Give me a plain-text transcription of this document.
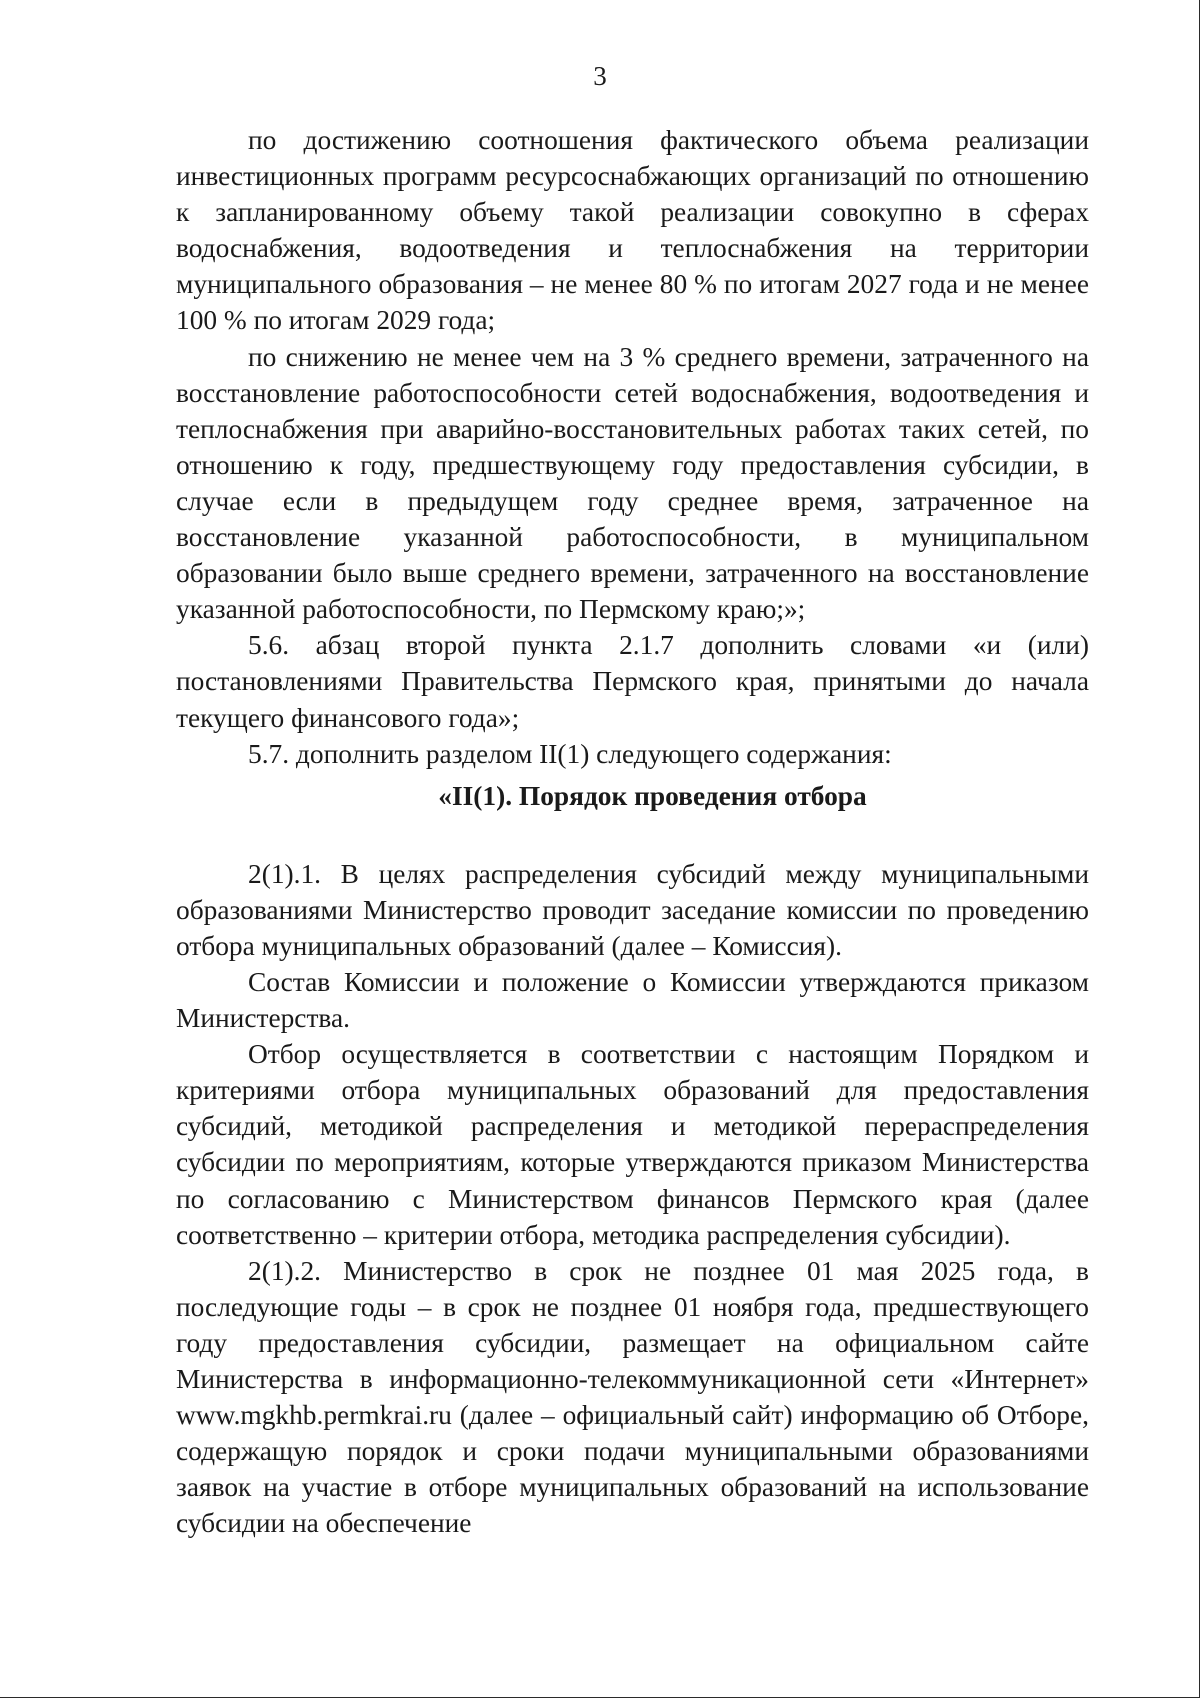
3

по достижению соотношения фактического объема реализации инвестиционных программ ресурсоснабжающих организаций по отношению к запланированному объему такой реализации совокупно в сферах водоснабжения, водоотведения и теплоснабжения на территории муниципального образования – не менее 80 % по итогам 2027 года и не менее 100 % по итогам 2029 года;

по снижению не менее чем на 3 % среднего времени, затраченного на восстановление работоспособности сетей водоснабжения, водоотведения и теплоснабжения при аварийно-восстановительных работах таких сетей, по отношению к году, предшествующему году предоставления субсидии, в случае если в предыдущем году среднее время, затраченное на восстановление указанной работоспособности, в муниципальном образовании было выше среднего времени, затраченного на восстановление указанной работоспособности, по Пермскому краю;»;

5.6. абзац второй пункта 2.1.7 дополнить словами «и (или) постановлениями Правительства Пермского края, принятыми до начала текущего финансового года»;

5.7. дополнить разделом II(1) следующего содержания:

«II(1). Порядок проведения отбора

2(1).1. В целях распределения субсидий между муниципальными образованиями Министерство проводит заседание комиссии по проведению отбора муниципальных образований (далее – Комиссия).

Состав Комиссии и положение о Комиссии утверждаются приказом Министерства.

Отбор осуществляется в соответствии с настоящим Порядком и критериями отбора муниципальных образований для предоставления субсидий, методикой распределения и методикой перераспределения субсидии по мероприятиям, которые утверждаются приказом Министерства по согласованию с Министерством финансов Пермского края (далее соответственно – критерии отбора, методика распределения субсидии).

2(1).2. Министерство в срок не позднее 01 мая 2025 года, в последующие годы – в срок не позднее 01 ноября года, предшествующего году предоставления субсидии, размещает на официальном сайте Министерства в информационно-телекоммуникационной сети «Интернет» www.mgkhb.permkrai.ru (далее – официальный сайт) информацию об Отборе, содержащую порядок и сроки подачи муниципальными образованиями заявок на участие в отборе муниципальных образований на использование субсидии на обеспечение
